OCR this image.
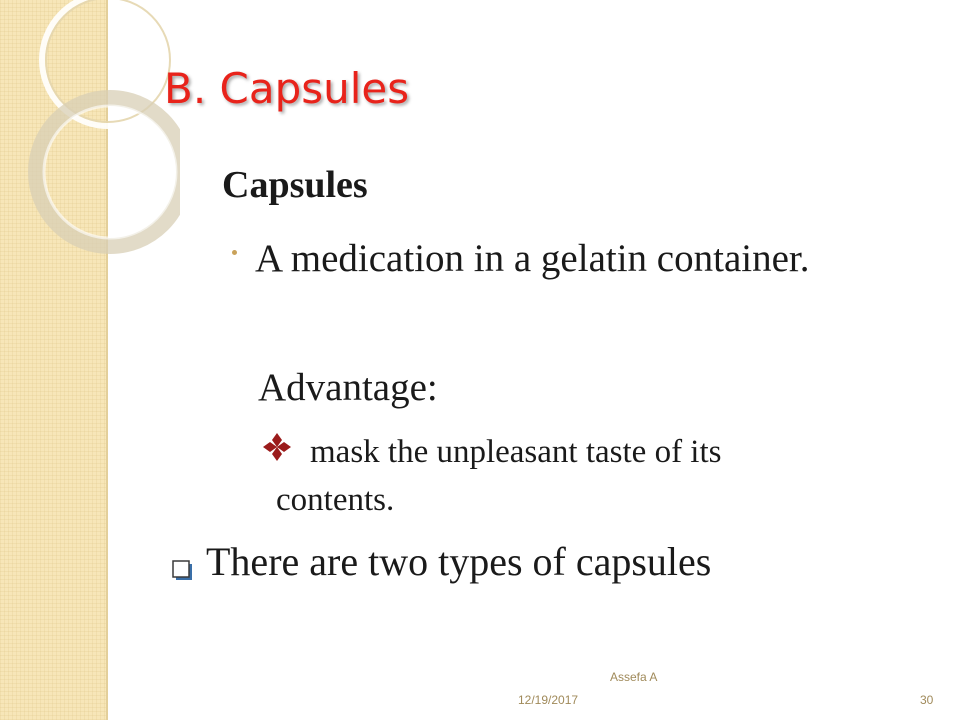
B. Capsules
Capsules
A medication in a gelatin container.
Advantage:
mask the unpleasant taste of its
contents.
There are two types of capsules
Assefa A
12/19/2017	30
